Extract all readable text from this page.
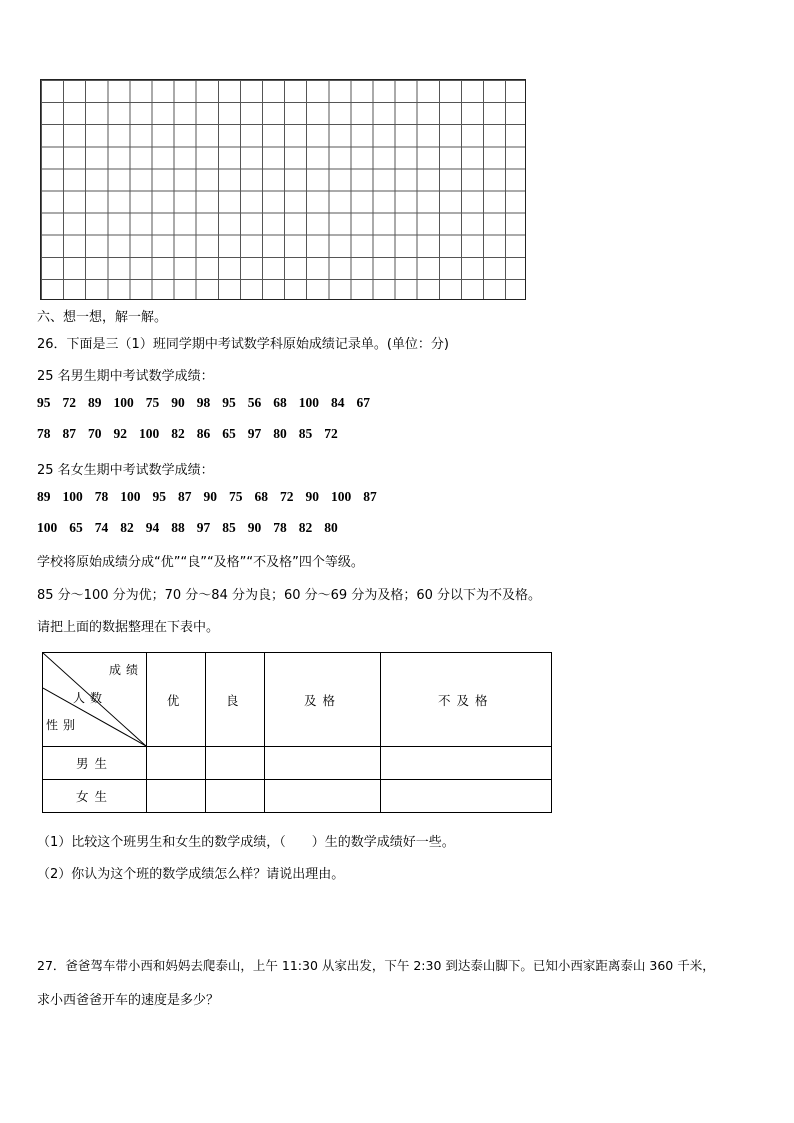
六、想一想，解一解。
26．下面是三（1）班同学期中考试数学科原始成绩记录单。(单位：分)
25 名男生期中考试数学成绩：
95 72 89 100 75 90 98 95 56 68 100 84 67
78 87 70 92 100 82 86 65 97 80 85 72
25 名女生期中考试数学成绩：
89 100 78 100 95 87 90 75 68 72 90 100 87
100 65 74 82 94 88 97 85 90 78 82 80
学校将原始成绩分成“优”“良”“及格”“不及格”四个等级。
85 分～100 分为优；70 分～84 分为良；60 分～69 分为及格；60 分以下为不及格。
请把上面的数据整理在下表中。
成绩
人数
性别	优	良	及格	不及格
男生				
女生				
（1）比较这个班男生和女生的数学成绩，（　　）生的数学成绩好一些。
（2）你认为这个班的数学成绩怎么样？请说出理由。
27．爸爸驾车带小西和妈妈去爬泰山，上午 11:30 从家出发，下午 2:30 到达泰山脚下。已知小西家距离泰山 360 千米，
求小西爸爸开车的速度是多少？
